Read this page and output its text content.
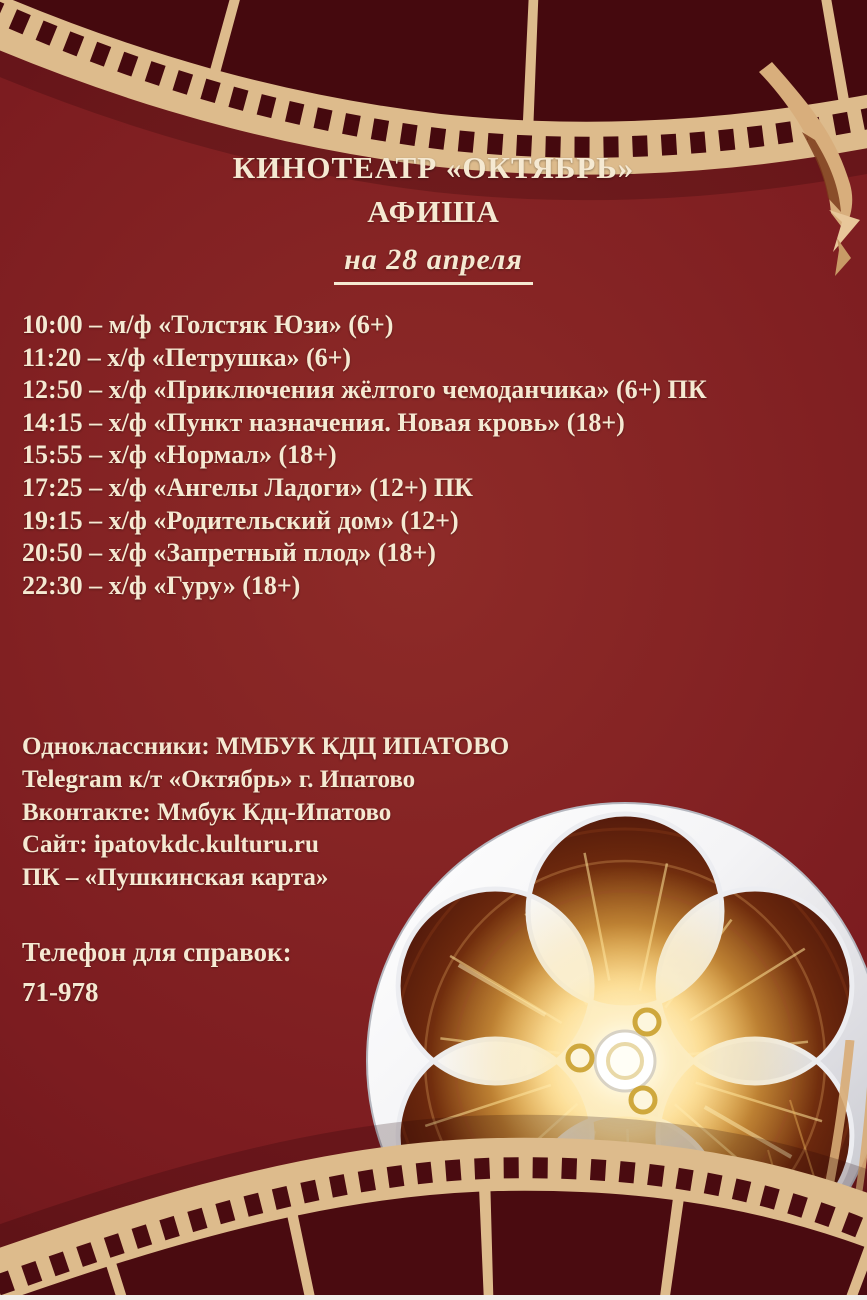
КИНОТЕАТР «ОКТЯБРЬ»
АФИША
на 28 апреля
10:00 – м/ф «Толстяк Юзи» (6+)
11:20 – х/ф «Петрушка» (6+)
12:50 – х/ф «Приключения жёлтого чемоданчика» (6+) ПК
14:15 – х/ф «Пункт назначения. Новая кровь» (18+)
15:55 – х/ф «Нормал» (18+)
17:25 – х/ф «Ангелы Ладоги» (12+) ПК
19:15 – х/ф «Родительский дом» (12+)
20:50 – х/ф «Запретный плод» (18+)
22:30 – х/ф «Гуру» (18+)
Одноклассники: ММБУК КДЦ ИПАТОВО
Telegram к/т «Октябрь» г. Ипатово
Вконтакте: Ммбук Кдц-Ипатово
Сайт: ipatovkdc.kulturu.ru
ПК – «Пушкинская карта»
Телефон для справок:
71-978
